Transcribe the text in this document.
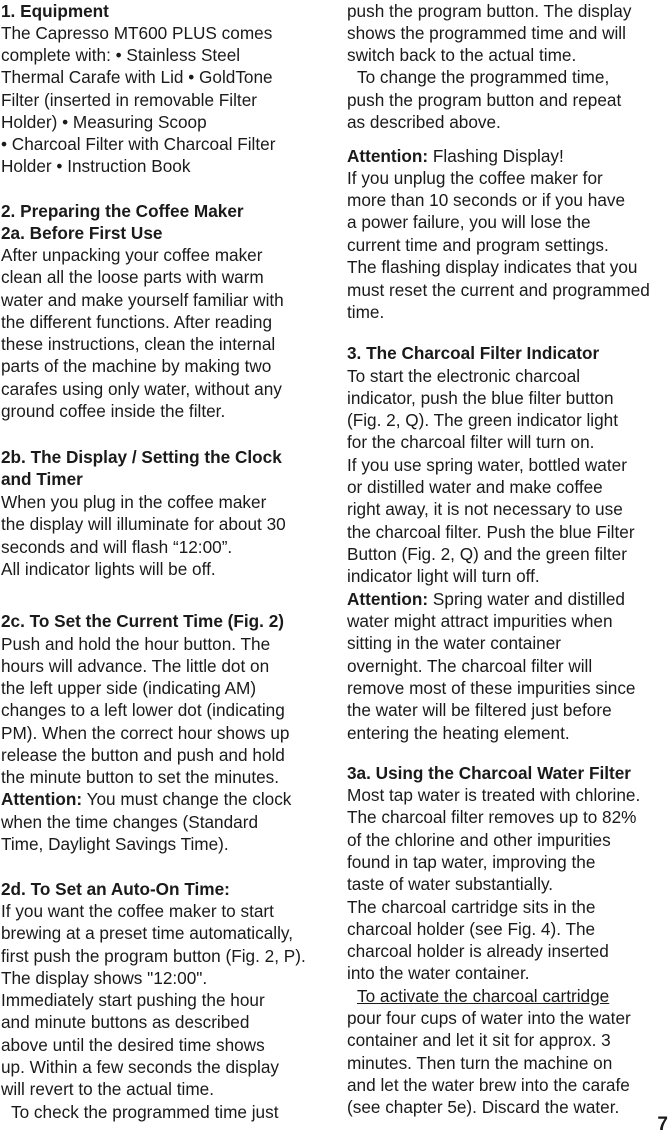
1. Equipment
The Capresso MT600 PLUS comes
complete with: • Stainless Steel
Thermal Carafe with Lid • GoldTone
Filter (inserted in removable Filter
Holder) • Measuring Scoop
• Charcoal Filter with Charcoal Filter
Holder • Instruction Book
2. Preparing the Coffee Maker
2a. Before First Use
After unpacking your coffee maker
clean all the loose parts with warm
water and make yourself familiar with
the different functions. After reading
these instructions, clean the internal
parts of the machine by making two
carafes using only water, without any
ground coffee inside the filter.
2b. The Display / Setting the Clock
and Timer
When you plug in the coffee maker
the display will illuminate for about 30
seconds and will flash “12:00”.
All indicator lights will be off.
2c. To Set the Current Time (Fig. 2)
Push and hold the hour button. The
hours will advance. The little dot on
the left upper side (indicating AM)
changes to a left lower dot (indicating
PM). When the correct hour shows up
release the button and push and hold
the minute button to set the minutes.
Attention: You must change the clock
when the time changes (Standard
Time, Daylight Savings Time).
2d. To Set an Auto-On Time:
If you want the coffee maker to start
brewing at a preset time automatically,
first push the program button (Fig. 2, P).
The display shows "12:00".
Immediately start pushing the hour
and minute buttons as described
above until the desired time shows
up. Within a few seconds the display
will revert to the actual time.
To check the programmed time just
push the program button. The display
shows the programmed time and will
switch back to the actual time.
To change the programmed time,
push the program button and repeat
as described above.
Attention: Flashing Display!
If you unplug the coffee maker for
more than 10 seconds or if you have
a power failure, you will lose the
current time and program settings.
The flashing display indicates that you
must reset the current and programmed
time.
3. The Charcoal Filter Indicator
To start the electronic charcoal
indicator, push the blue filter button
(Fig. 2, Q). The green indicator light
for the charcoal filter will turn on.
If you use spring water, bottled water
or distilled water and make coffee
right away, it is not necessary to use
the charcoal filter. Push the blue Filter
Button (Fig. 2, Q) and the green filter
indicator light will turn off.
Attention: Spring water and distilled
water might attract impurities when
sitting in the water container
overnight. The charcoal filter will
remove most of these impurities since
the water will be filtered just before
entering the heating element.
3a. Using the Charcoal Water Filter
Most tap water is treated with chlorine.
The charcoal filter removes up to 82%
of the chlorine and other impurities
found in tap water, improving the
taste of water substantially.
The charcoal cartridge sits in the
charcoal holder (see Fig. 4). The
charcoal holder is already inserted
into the water container.
To activate the charcoal cartridge
pour four cups of water into the water
container and let it sit for approx. 3
minutes. Then turn the machine on
and let the water brew into the carafe
(see chapter 5e). Discard the water.
7
